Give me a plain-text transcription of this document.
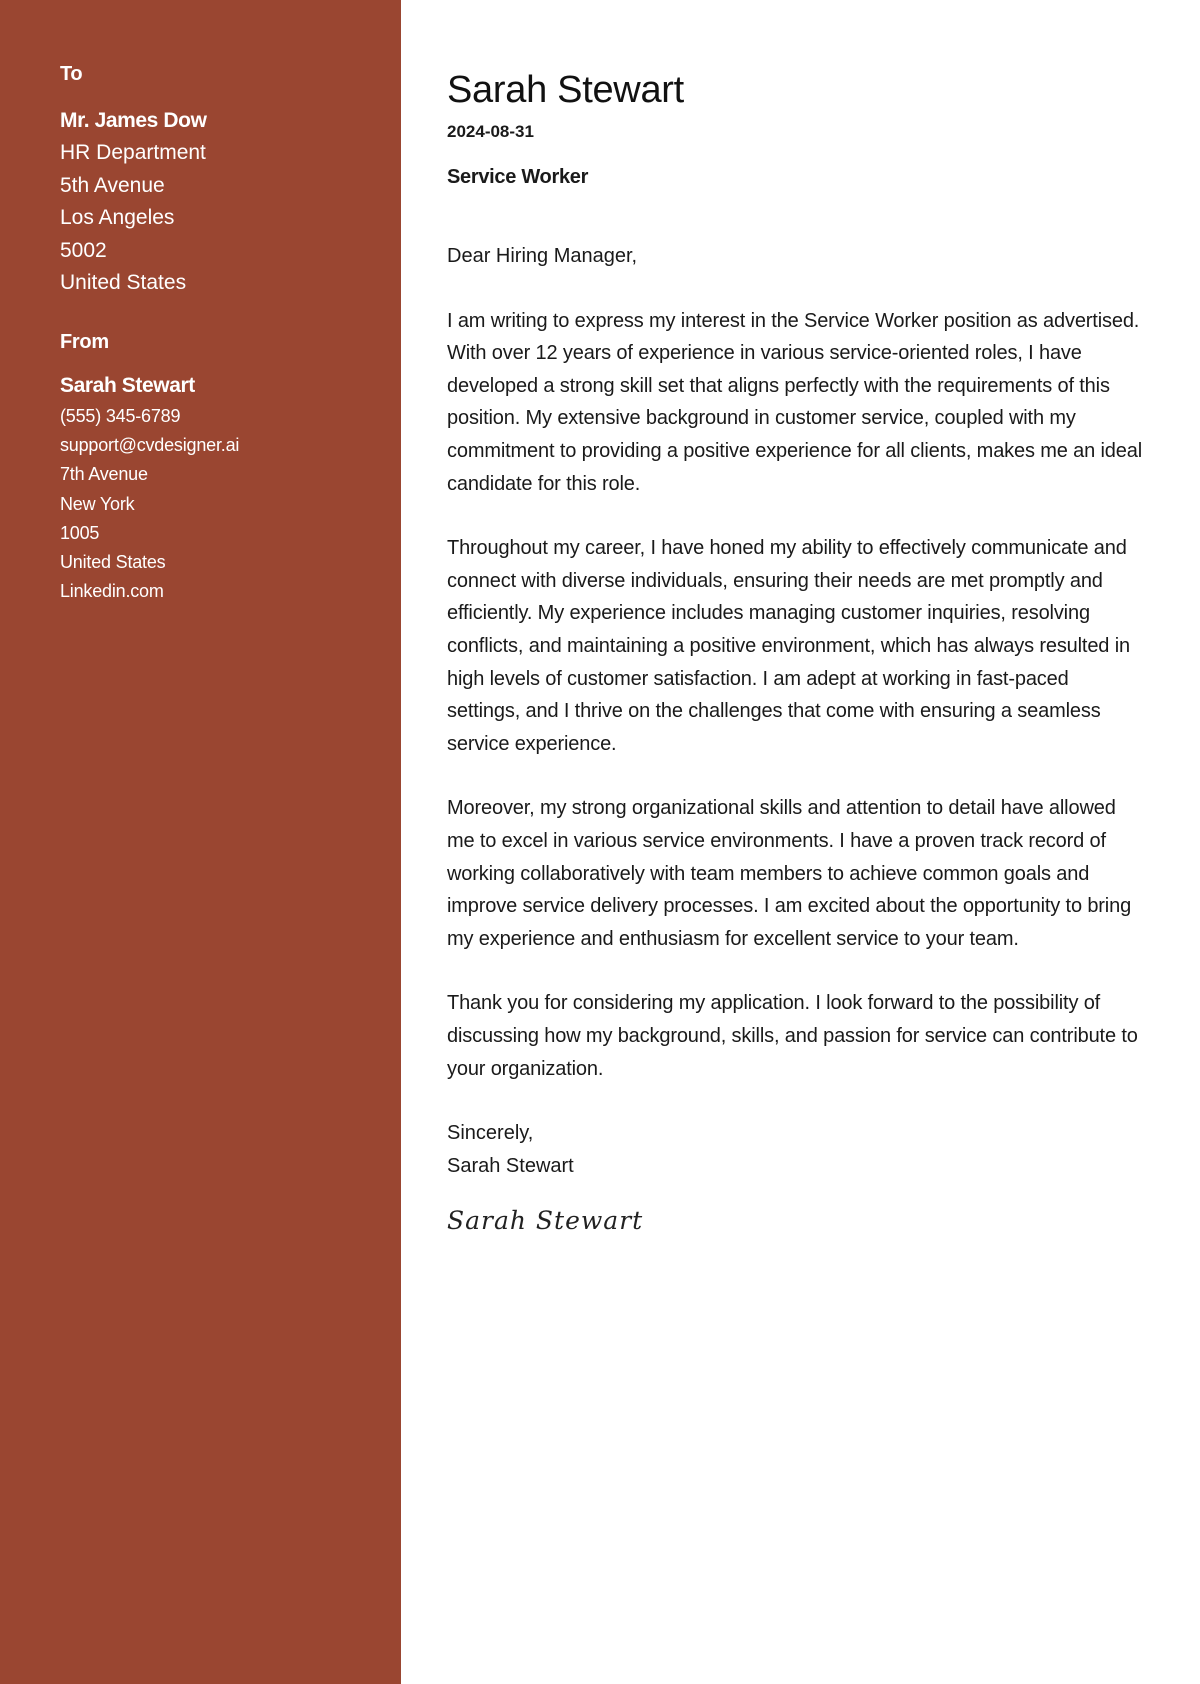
To
Mr. James Dow
HR Department
5th Avenue
Los Angeles
5002
United States
From
Sarah Stewart
(555) 345-6789
support@cvdesigner.ai
7th Avenue
New York
1005
United States
Linkedin.com
Sarah Stewart
2024-08-31
Service Worker
Dear Hiring Manager,

I am writing to express my interest in the Service Worker position as advertised. With over 12 years of experience in various service-oriented roles, I have developed a strong skill set that aligns perfectly with the requirements of this position. My extensive background in customer service, coupled with my commitment to providing a positive experience for all clients, makes me an ideal candidate for this role.

Throughout my career, I have honed my ability to effectively communicate and connect with diverse individuals, ensuring their needs are met promptly and efficiently. My experience includes managing customer inquiries, resolving conflicts, and maintaining a positive environment, which has always resulted in high levels of customer satisfaction. I am adept at working in fast-paced settings, and I thrive on the challenges that come with ensuring a seamless service experience.

Moreover, my strong organizational skills and attention to detail have allowed me to excel in various service environments. I have a proven track record of working collaboratively with team members to achieve common goals and improve service delivery processes. I am excited about the opportunity to bring my experience and enthusiasm for excellent service to your team.

Thank you for considering my application. I look forward to the possibility of discussing how my background, skills, and passion for service can contribute to your organization.

Sincerely,
Sarah Stewart
Sarah Stewart
